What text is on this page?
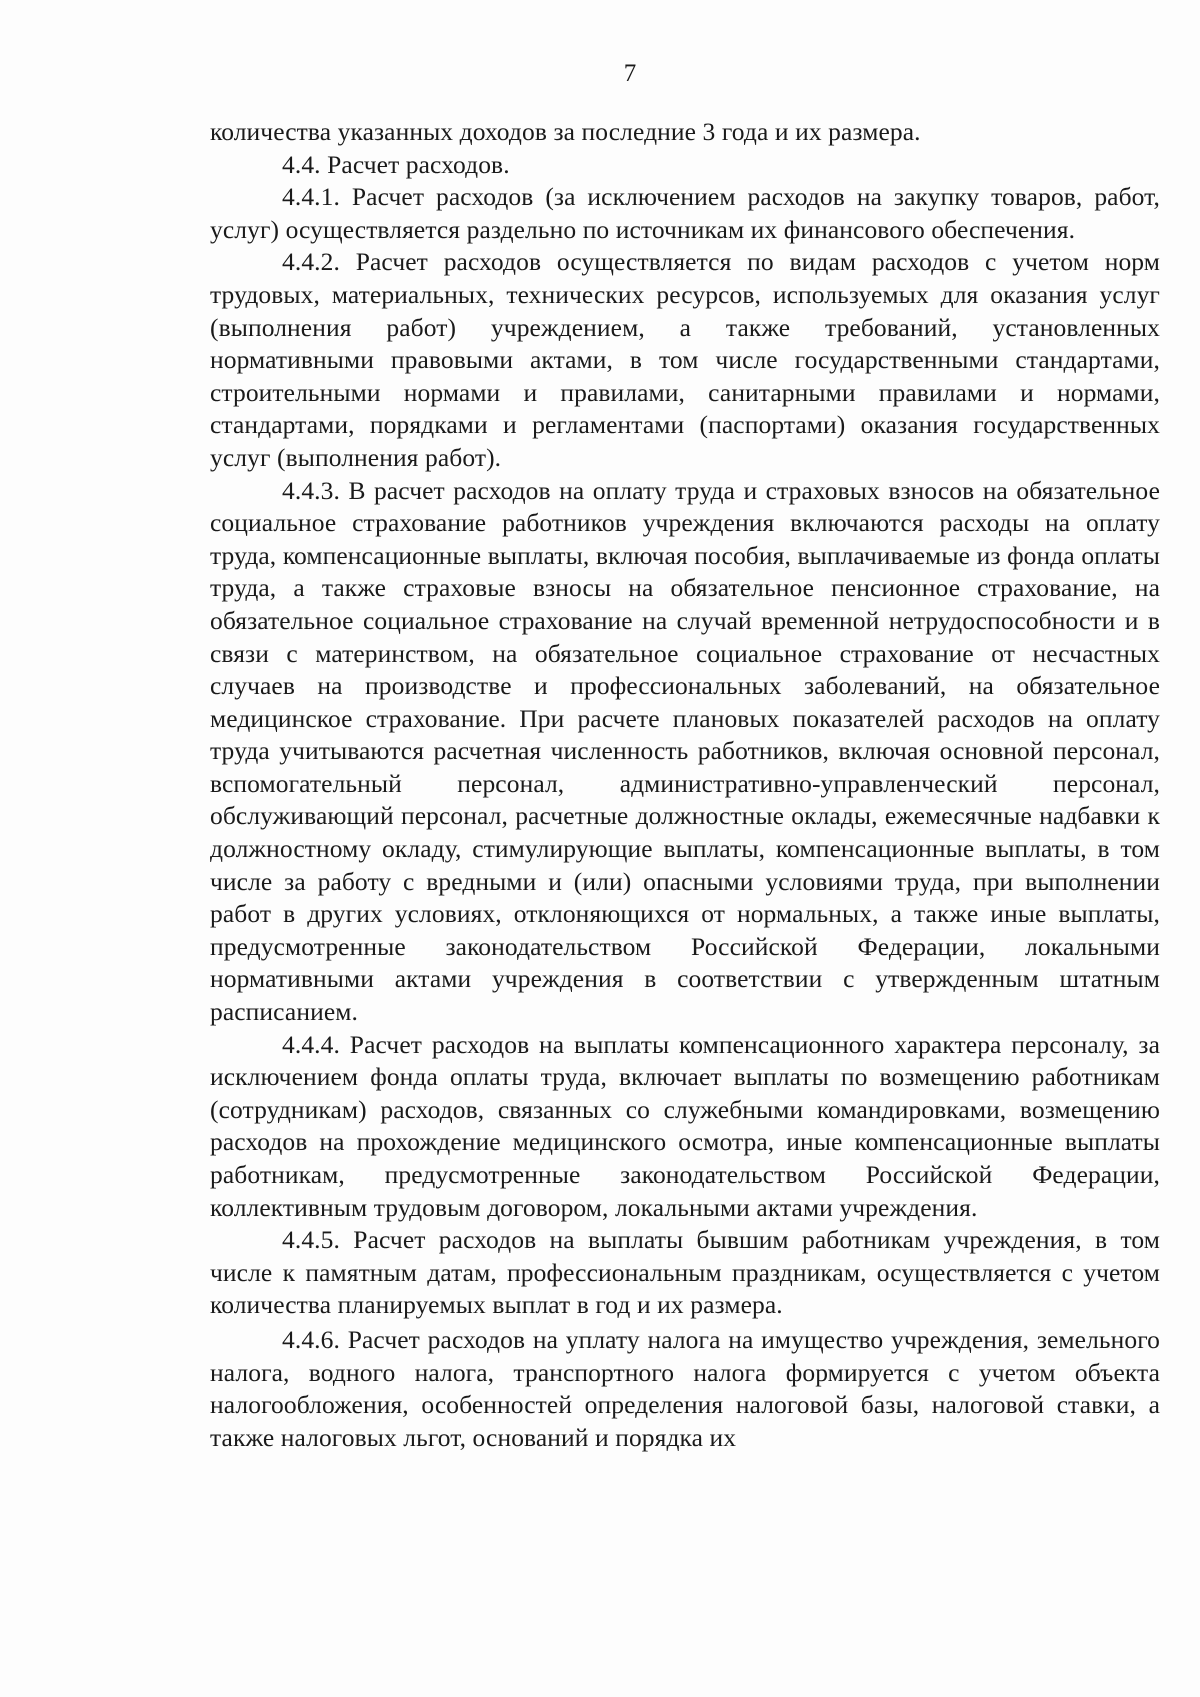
7

количества указанных доходов за последние 3 года и их размера.

4.4. Расчет расходов.

4.4.1. Расчет расходов (за исключением расходов на закупку товаров, работ, услуг) осуществляется раздельно по источникам их финансового обеспечения.

4.4.2. Расчет расходов осуществляется по видам расходов с учетом норм трудовых, материальных, технических ресурсов, используемых для оказания услуг (выполнения работ) учреждением, а также требований, установленных нормативными правовыми актами, в том числе государственными стандартами, строительными нормами и правилами, санитарными правилами и нормами, стандартами, порядками и регламентами (паспортами) оказания государственных услуг (выполнения работ).

4.4.3. В расчет расходов на оплату труда и страховых взносов на обязательное социальное страхование работников учреждения включаются расходы на оплату труда, компенсационные выплаты, включая пособия, выплачиваемые из фонда оплаты труда, а также страховые взносы на обязательное пенсионное страхование, на обязательное социальное страхование на случай временной нетрудоспособности и в связи с материнством, на обязательное социальное страхование от несчастных случаев на производстве и профессиональных заболеваний, на обязательное медицинское страхование. При расчете плановых показателей расходов на оплату труда учитываются расчетная численность работников, включая основной персонал, вспомогательный персонал, административно-управленческий персонал, обслуживающий персонал, расчетные должностные оклады, ежемесячные надбавки к должностному окладу, стимулирующие выплаты, компенсационные выплаты, в том числе за работу с вредными и (или) опасными условиями труда, при выполнении работ в других условиях, отклоняющихся от нормальных, а также иные выплаты, предусмотренные законодательством Российской Федерации, локальными нормативными актами учреждения в соответствии с утвержденным штатным расписанием.

4.4.4. Расчет расходов на выплаты компенсационного характера персоналу, за исключением фонда оплаты труда, включает выплаты по возмещению работникам (сотрудникам) расходов, связанных со служебными командировками, возмещению расходов на прохождение медицинского осмотра, иные компенсационные выплаты работникам, предусмотренные законодательством Российской Федерации, коллективным трудовым договором, локальными актами учреждения.

4.4.5. Расчет расходов на выплаты бывшим работникам учреждения, в том числе к памятным датам, профессиональным праздникам, осуществляется с учетом количества планируемых выплат в год и их размера.

4.4.6. Расчет расходов на уплату налога на имущество учреждения, земельного налога, водного налога, транспортного налога формируется с учетом объекта налогообложения, особенностей определения налоговой базы, налоговой ставки, а также налоговых льгот, оснований и порядка их
